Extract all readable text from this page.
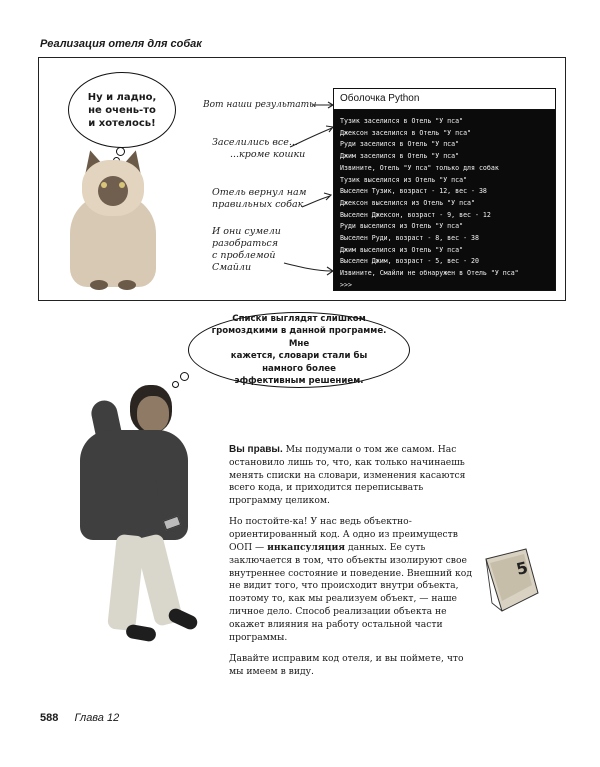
Реализация отеля для собак
Ну и ладно,
не очень-то
и хотелось!
Вот наши результаты
Заселились все...
...кроме кошки
Отель вернул нам
правильных собак
И они сумели
разобраться
с проблемой
Смайли
Оболочка Python
Тузик заселился в Отель "У пса"
Джексон заселился в Отель "У пса"
Руди заселился в Отель "У пса"
Джим заселился в Отель "У пса"
Извините, Отель "У пса" только для собак
Тузик выселился из Отель "У пса"
Выселен Тузик, возраст - 12, вес - 38
Джексон выселился из Отель "У пса"
Выселен Джексон, возраст - 9, вес - 12
Руди выселился из Отель "У пса"
Выселен Руди, возраст - 8, вес - 38
Джим выселился из Отель "У пса"
Выселен Джим, возраст - 5, вес - 20
Извините, Смайли не обнаружен в Отель "У пса"
>>>
Списки выглядят слишком
громоздкими в данной программе. Мне
кажется, словари стали бы намного более
эффективным решением.

Вы правы. Мы подумали о том же самом. Нас остановило лишь то, что, как только начинаешь менять списки на словари, изменения касаются всего кода, и приходится переписывать программу целиком.

Но постойте-ка! У нас ведь объектно-ориентированный код. А одно из преимуществ ООП — инкапсуляция данных. Ее суть заключается в том, что объекты изолируют свое внутреннее состояние и поведение. Внешний код не видит того, что происходит внутри объекта, поэтому то, как мы реализуем объект, — наше личное дело. Способ реализации объекта не окажет влияния на работу остальной части программы.

Давайте исправим код отеля, и вы поймете, что мы имеем в виду.

5
588 Глава 12
